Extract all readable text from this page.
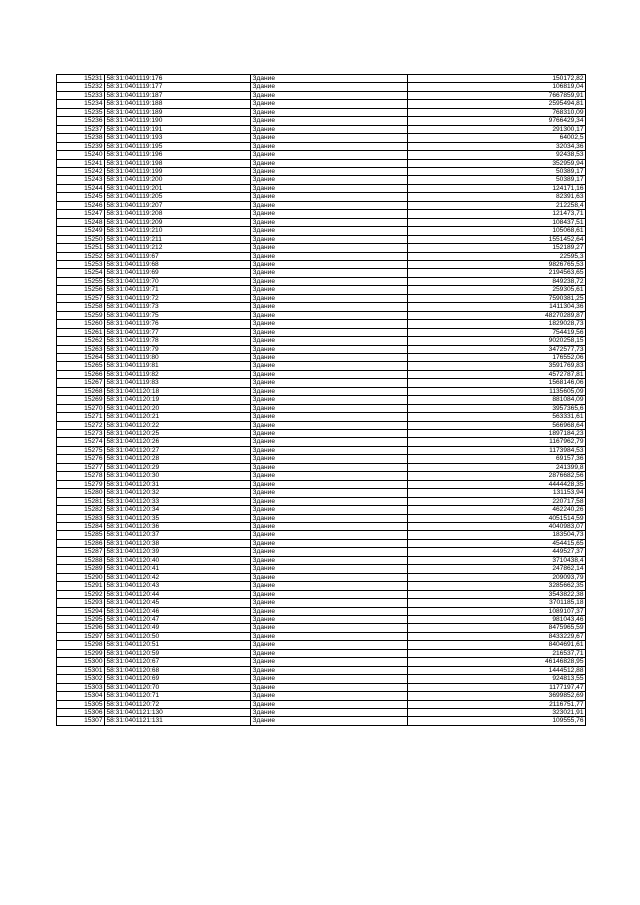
15231	58:31:0401119:176	Здание	150172,82
15232	58:31:0401119:177	Здание	106819,04
15233	58:31:0401119:187	Здание	7667859,91
15234	58:31:0401119:188	Здание	2595494,81
15235	58:31:0401119:189	Здание	768310,09
15236	58:31:0401119:190	Здание	9766429,34
15237	58:31:0401119:191	Здание	291300,17
15238	58:31:0401119:193	Здание	64002,5
15239	58:31:0401119:195	Здание	32034,36
15240	58:31:0401119:196	Здание	92438,53
15241	58:31:0401119:198	Здание	352959,94
15242	58:31:0401119:199	Здание	50389,17
15243	58:31:0401119:200	Здание	50389,17
15244	58:31:0401119:201	Здание	124171,16
15245	58:31:0401119:205	Здание	82391,63
15246	58:31:0401119:207	Здание	212258,4
15247	58:31:0401119:208	Здание	121473,71
15248	58:31:0401119:209	Здание	108437,51
15249	58:31:0401119:210	Здание	105068,61
15250	58:31:0401119:211	Здание	1551452,64
15251	58:31:0401119:212	Здание	152189,27
15252	58:31:0401119:67	Здание	22595,3
15253	58:31:0401119:68	Здание	9826765,53
15254	58:31:0401119:69	Здание	2194563,65
15255	58:31:0401119:70	Здание	849238,72
15256	58:31:0401119:71	Здание	259305,61
15257	58:31:0401119:72	Здание	7590381,25
15258	58:31:0401119:73	Здание	1411304,36
15259	58:31:0401119:75	Здание	48270289,87
15260	58:31:0401119:76	Здание	1829028,73
15261	58:31:0401119:77	Здание	754419,56
15262	58:31:0401119:78	Здание	9020258,15
15263	58:31:0401119:79	Здание	3472577,73
15264	58:31:0401119:80	Здание	176552,06
15265	58:31:0401119:81	Здание	3591769,83
15266	58:31:0401119:82	Здание	4572787,81
15267	58:31:0401119:83	Здание	1568146,06
15268	58:31:0401120:18	Здание	1135605,09
15269	58:31:0401120:19	Здание	881084,09
15270	58:31:0401120:20	Здание	3957365,6
15271	58:31:0401120:21	Здание	563331,61
15272	58:31:0401120:22	Здание	566968,64
15273	58:31:0401120:25	Здание	1897184,23
15274	58:31:0401120:26	Здание	1167962,79
15275	58:31:0401120:27	Здание	1173984,53
15276	58:31:0401120:28	Здание	69157,36
15277	58:31:0401120:29	Здание	241399,8
15278	58:31:0401120:30	Здание	2876682,56
15279	58:31:0401120:31	Здание	4444428,35
15280	58:31:0401120:32	Здание	131153,94
15281	58:31:0401120:33	Здание	220717,58
15282	58:31:0401120:34	Здание	462240,26
15283	58:31:0401120:35	Здание	4051514,59
15284	58:31:0401120:36	Здание	4040983,07
15285	58:31:0401120:37	Здание	183504,73
15286	58:31:0401120:38	Здание	454415,65
15287	58:31:0401120:39	Здание	449527,37
15288	58:31:0401120:40	Здание	3710438,4
15289	58:31:0401120:41	Здание	247862,14
15290	58:31:0401120:42	Здание	209093,79
15291	58:31:0401120:43	Здание	3285662,35
15292	58:31:0401120:44	Здание	3543822,38
15293	58:31:0401120:45	Здание	3701185,18
15294	58:31:0401120:46	Здание	1089107,37
15295	58:31:0401120:47	Здание	981043,46
15296	58:31:0401120:49	Здание	8475965,59
15297	58:31:0401120:50	Здание	8433229,67
15298	58:31:0401120:51	Здание	8404691,61
15299	58:31:0401120:59	Здание	216537,71
15300	58:31:0401120:67	Здание	46146828,95
15301	58:31:0401120:68	Здание	1444512,88
15302	58:31:0401120:69	Здание	924813,55
15303	58:31:0401120:70	Здание	1177197,47
15304	58:31:0401120:71	Здание	3699852,69
15305	58:31:0401120:72	Здание	2116751,77
15306	58:31:0401121:130	Здание	323021,91
15307	58:31:0401121:131	Здание	109555,76
